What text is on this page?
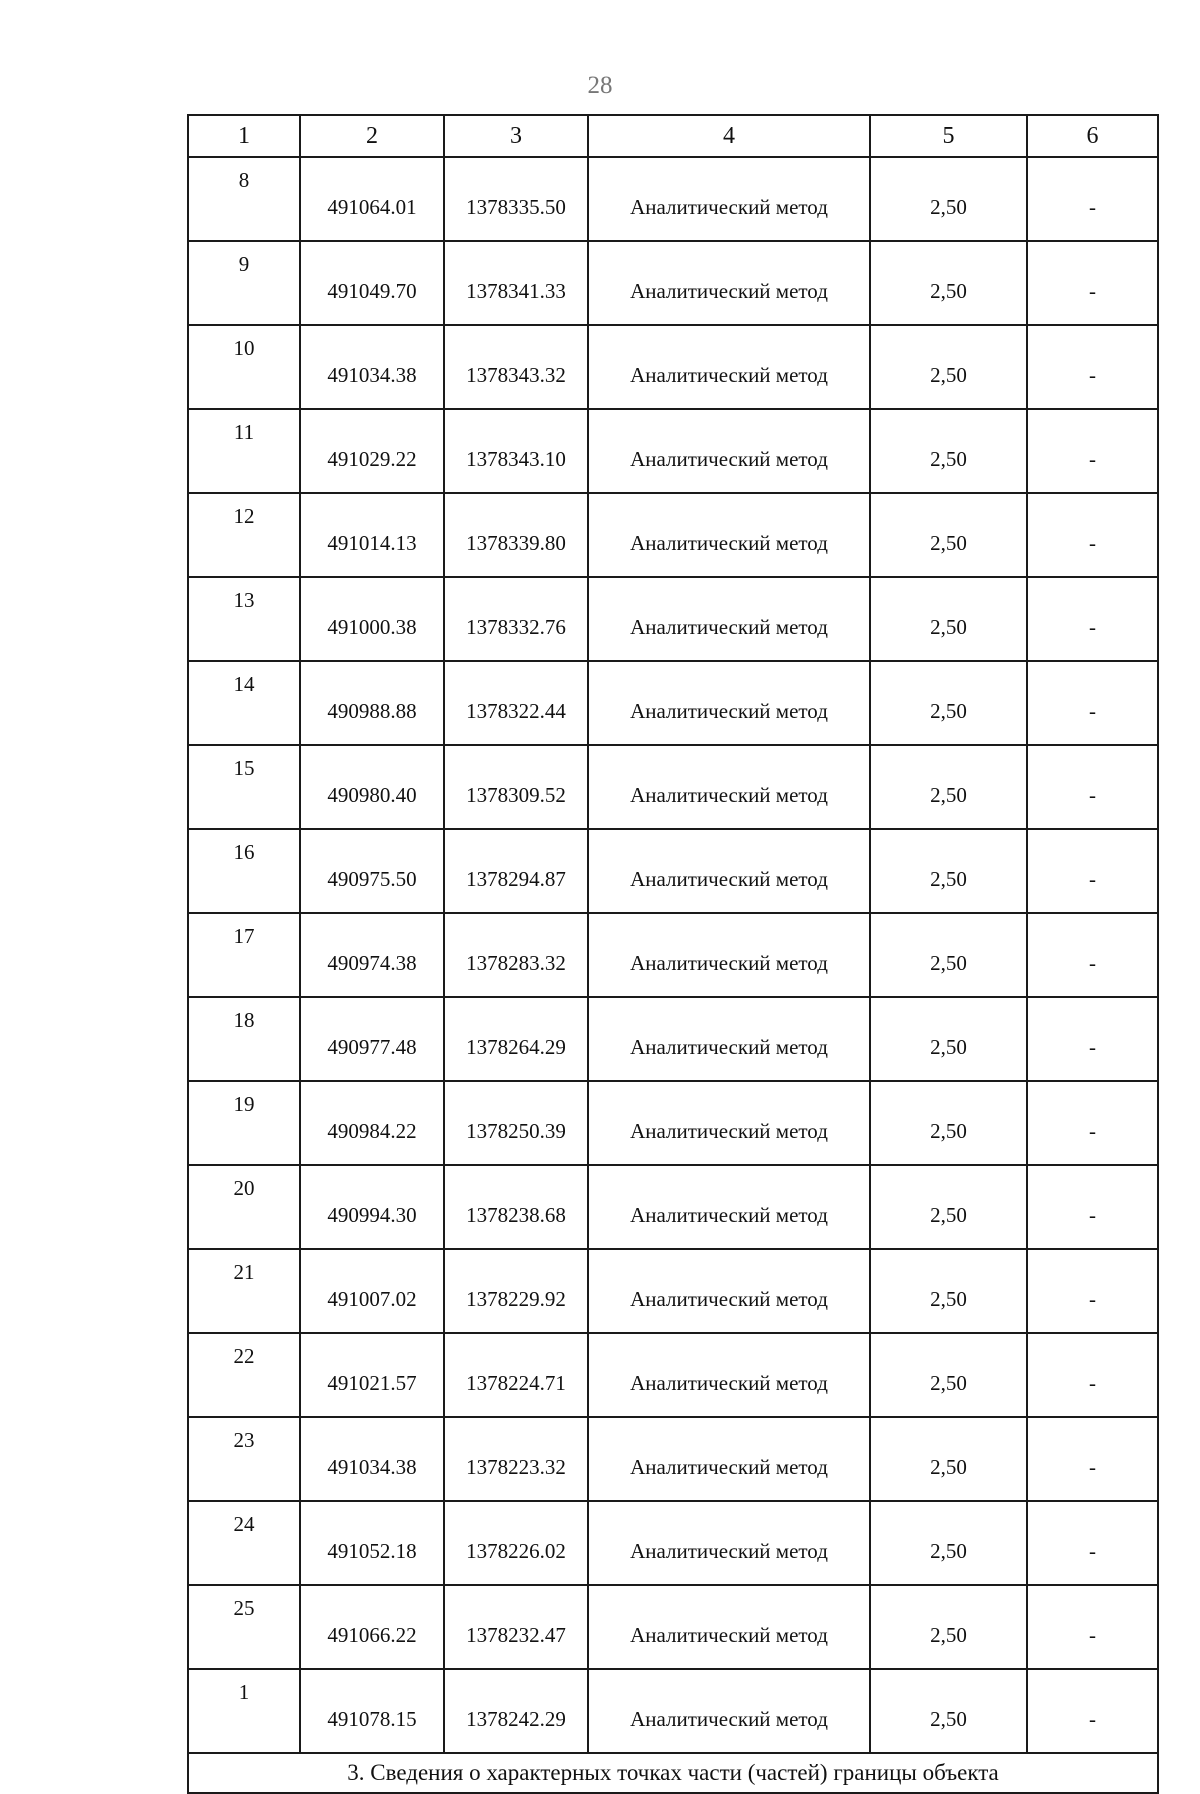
28
1	2	3	4	5	6
8	491064.01	1378335.50	Аналитический метод	2,50	-
9	491049.70	1378341.33	Аналитический метод	2,50	-
10	491034.38	1378343.32	Аналитический метод	2,50	-
11	491029.22	1378343.10	Аналитический метод	2,50	-
12	491014.13	1378339.80	Аналитический метод	2,50	-
13	491000.38	1378332.76	Аналитический метод	2,50	-
14	490988.88	1378322.44	Аналитический метод	2,50	-
15	490980.40	1378309.52	Аналитический метод	2,50	-
16	490975.50	1378294.87	Аналитический метод	2,50	-
17	490974.38	1378283.32	Аналитический метод	2,50	-
18	490977.48	1378264.29	Аналитический метод	2,50	-
19	490984.22	1378250.39	Аналитический метод	2,50	-
20	490994.30	1378238.68	Аналитический метод	2,50	-
21	491007.02	1378229.92	Аналитический метод	2,50	-
22	491021.57	1378224.71	Аналитический метод	2,50	-
23	491034.38	1378223.32	Аналитический метод	2,50	-
24	491052.18	1378226.02	Аналитический метод	2,50	-
25	491066.22	1378232.47	Аналитический метод	2,50	-
1	491078.15	1378242.29	Аналитический метод	2,50	-
3. Сведения о характерных точках части (частей) границы объекта					
